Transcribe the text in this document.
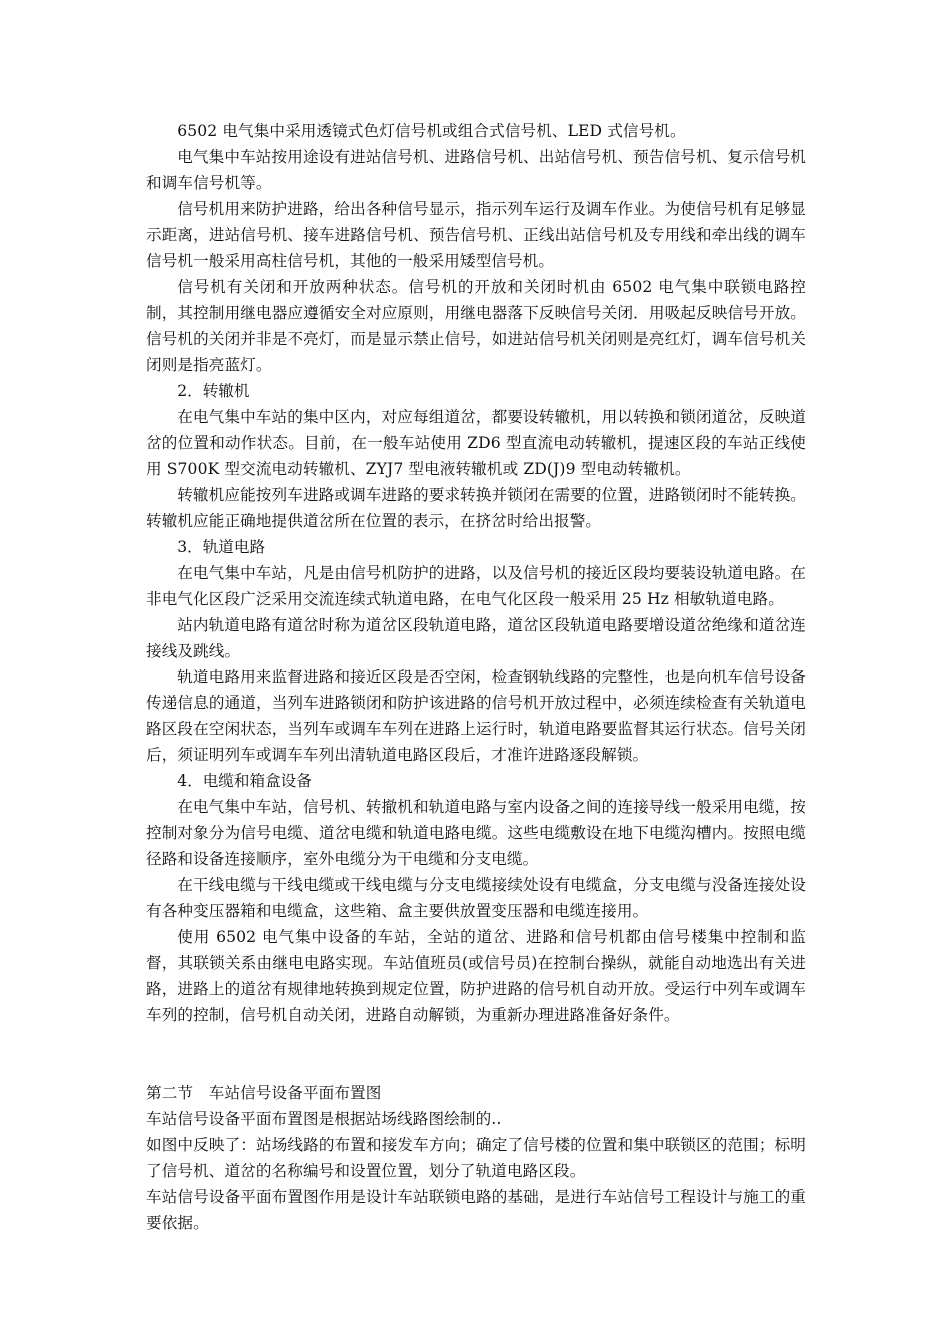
6502 电气集中采用透镜式色灯信号机或组合式信号机、LED 式信号机。

电气集中车站按用途设有进站信号机、进路信号机、出站信号机、预告信号机、复示信号机和调车信号机等。

信号机用来防护进路，给出各种信号显示，指示列车运行及调车作业。为使信号机有足够显示距离，进站信号机、接车进路信号机、预告信号机、正线出站信号机及专用线和牵出线的调车信号机一般采用高柱信号机，其他的一般采用矮型信号机。

信号机有关闭和开放两种状态。信号机的开放和关闭时机由 6502 电气集中联锁电路控制，其控制用继电器应遵循安全对应原则，用继电器落下反映信号关闭．用吸起反映信号开放。信号机的关闭并非是不亮灯，而是显示禁止信号，如进站信号机关闭则是亮红灯，调车信号机关闭则是指亮蓝灯。

2．转辙机

在电气集中车站的集中区内，对应每组道岔，都要设转辙机，用以转换和锁闭道岔，反映道岔的位置和动作状态。目前，在一般车站使用 ZD6 型直流电动转辙机，提速区段的车站正线使用 S700K 型交流电动转辙机、ZYJ7 型电液转辙机或 ZD(J)9 型电动转辙机。

转辙机应能按列车进路或调车进路的要求转换并锁闭在需要的位置，进路锁闭时不能转换。转辙机应能正确地提供道岔所在位置的表示，在挤岔时给出报警。

3．轨道电路

在电气集中车站，凡是由信号机防护的进路，以及信号机的接近区段均要装设轨道电路。在非电气化区段广泛采用交流连续式轨道电路，在电气化区段一般采用 25 Hz 相敏轨道电路。

站内轨道电路有道岔时称为道岔区段轨道电路，道岔区段轨道电路要增设道岔绝缘和道岔连接线及跳线。

轨道电路用来监督进路和接近区段是否空闲，检查钢轨线路的完整性，也是向机车信号设备传递信息的通道，当列车进路锁闭和防护该进路的信号机开放过程中，必须连续检查有关轨道电路区段在空闲状态，当列车或调车车列在进路上运行时，轨道电路要监督其运行状态。信号关闭后，须证明列车或调车车列出清轨道电路区段后，才准许进路逐段解锁。

4．电缆和箱盒设备

在电气集中车站，信号机、转撤机和轨道电路与室内设备之间的连接导线一般采用电缆，按控制对象分为信号电缆、道岔电缆和轨道电路电缆。这些电缆敷设在地下电缆沟槽内。按照电缆径路和设备连接顺序，室外电缆分为干电缆和分支电缆。

在干线电缆与干线电缆或干线电缆与分支电缆接续处设有电缆盒，分支电缆与没备连接处设有各种变压器箱和电缆盒，这些箱、盒主要供放置变压器和电缆连接用。

使用 6502 电气集中设备的车站，全站的道岔、进路和信号机都由信号楼集中控制和监督，其联锁关系由继电电路实现。车站值班员(或信号员)在控制台操纵，就能自动地选出有关进路，进路上的道岔有规律地转换到规定位置，防护进路的信号机自动开放。受运行中列车或调车车列的控制，信号机自动关闭，进路自动解锁，为重新办理进路准备好条件。

第二节　车站信号设备平面布置图

车站信号设备平面布置图是根据站场线路图绘制的..

如图中反映了：站场线路的布置和接发车方向；确定了信号楼的位置和集中联锁区的范围；标明了信号机、道岔的名称编号和设置位置，划分了轨道电路区段。

车站信号设备平面布置图作用是设计车站联锁电路的基础，是进行车站信号工程设计与施工的重要依据。
